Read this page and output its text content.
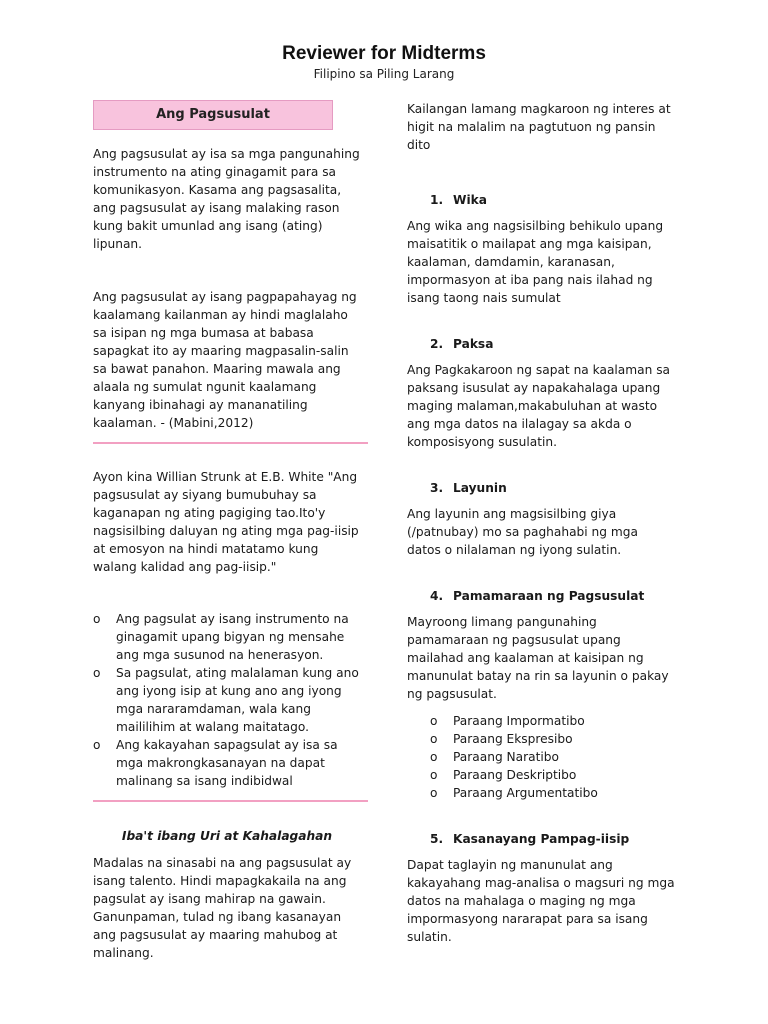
Reviewer for Midterms
Filipino sa Piling Larang
Ang Pagsusulat

Ang pagsusulat ay isa sa mga pangunahing instrumento na ating ginagamit para sa komunikasyon. Kasama ang pagsasalita, ang pagsusulat ay isang malaking rason kung bakit umunlad ang isang (ating) lipunan.

Ang pagsusulat ay isang pagpapahayag ng kaalamang kailanman ay hindi maglalaho sa isipan ng mga bumasa at babasa sapagkat ito ay maaring magpasalin-salin sa bawat panahon. Maaring mawala ang alaala ng sumulat ngunit kaalamang kanyang ibinahagi ay mananatiling kaalaman. - (Mabini,2012)

Ayon kina Willian Strunk at E.B. White "Ang pagsusulat ay siyang bumubuhay sa kaganapan ng ating pagiging tao.Ito'y nagsisilbing daluyan ng ating mga pag-iisip at emosyon na hindi matatamo kung walang kalidad ang pag-iisip."

o Ang pagsulat ay isang instrumento na ginagamit upang bigyan ng mensahe ang mga susunod na henerasyon.
o Sa pagsulat, ating malalaman kung ano ang iyong isip at kung ano ang iyong mga nararamdaman, wala kang maililihim at walang maitatago.
o Ang kakayahan sapagsulat ay isa sa mga makrongkasanayan na dapat malinang sa isang indibidwal

Iba't ibang Uri at Kahalagahan

Madalas na sinasabi na ang pagsusulat ay isang talento. Hindi mapagkakaila na ang pagsulat ay isang mahirap na gawain. Ganunpaman, tulad ng ibang kasanayan ang pagsusulat ay maaring mahubog at malinang.

Kailangan lamang magkaroon ng interes at higit na malalim na pagtutuon ng pansin dito

1. Wika

Ang wika ang nagsisilbing behikulo upang maisatitik o mailapat ang mga kaisipan, kaalaman, damdamin, karanasan, impormasyon at iba pang nais ilahad ng isang taong nais sumulat

2. Paksa

Ang Pagkakaroon ng sapat na kaalaman sa paksang isusulat ay napakahalaga upang maging malaman,makabuluhan at wasto ang mga datos na ilalagay sa akda o komposisyong susulatin.

3. Layunin

Ang layunin ang magsisilbing giya (/patnubay) mo sa paghahabi ng mga datos o nilalaman ng iyong sulatin.

4. Pamamaraan ng Pagsusulat

Mayroong limang pangunahing pamamaraan ng pagsusulat upang mailahad ang kaalaman at kaisipan ng manunulat batay na rin sa layunin o pakay ng pagsusulat.

o Paraang Impormatibo
o Paraang Ekspresibo
o Paraang Naratibo
o Paraang Deskriptibo
o Paraang Argumentatibo

5. Kasanayang Pampag-iisip

Dapat taglayin ng manunulat ang kakayahang mag-analisa o magsuri ng mga datos na mahalaga o maging ng mga impormasyong nararapat para sa isang sulatin.
